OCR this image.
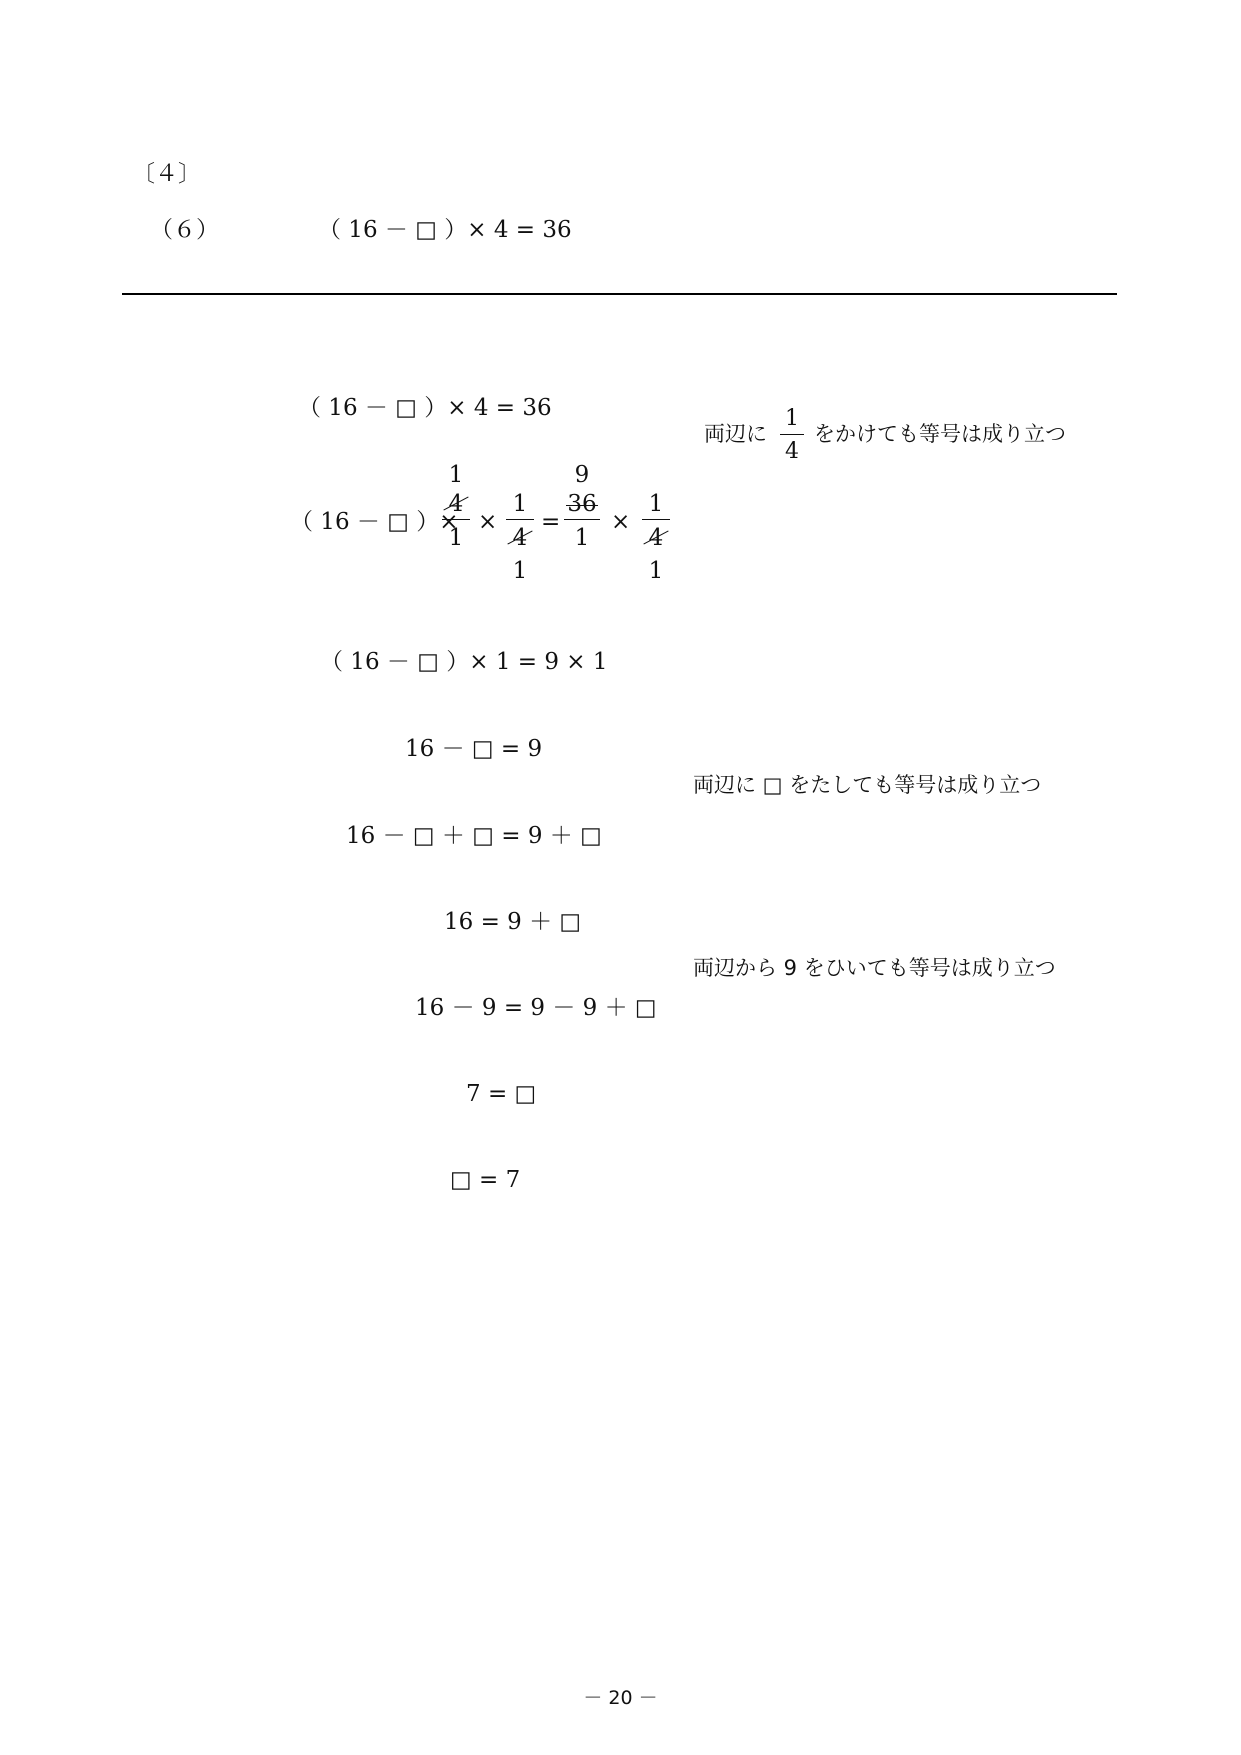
〔４〕
（６）	（ 16 － □ ）× 4 = 36
（ 16 － □ ）× 4 = 36
両辺に
1
4
をかけても等号は成り立つ
（ 16 － □ ）×
1
4
1
×
1
4
1
=
9
36
1
×
1
4
1
（ 16 － □ ）× 1 = 9 × 1
16 － □ = 9
両辺に □ をたしても等号は成り立つ
16 － □ ＋ □ = 9 ＋ □
16 = 9 ＋ □
両辺から 9 をひいても等号は成り立つ
16 － 9 = 9 － 9 ＋ □
7 = □
□ = 7
－ 20 －
